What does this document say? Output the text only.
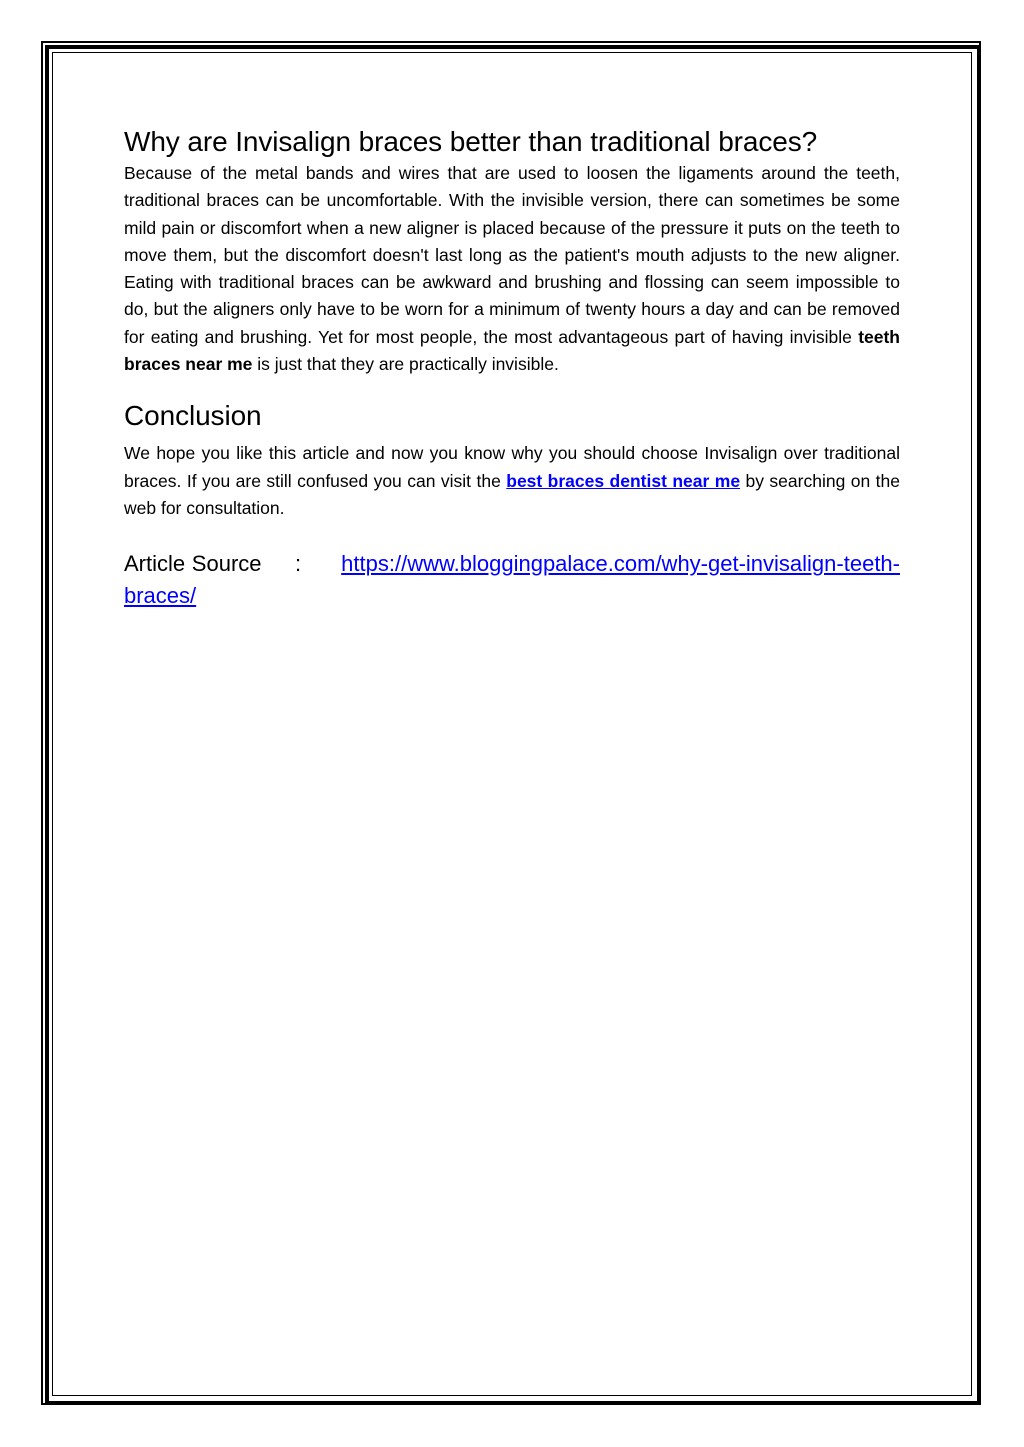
Why are Invisalign braces better than traditional braces?

Because of the metal bands and wires that are used to loosen the ligaments around the teeth, traditional braces can be uncomfortable. With the invisible version, there can sometimes be some mild pain or discomfort when a new aligner is placed because of the pressure it puts on the teeth to move them, but the discomfort doesn't last long as the patient's mouth adjusts to the new aligner. Eating with traditional braces can be awkward and brushing and flossing can seem impossible to do, but the aligners only have to be worn for a minimum of twenty hours a day and can be removed for eating and brushing. Yet for most people, the most advantageous part of having invisible teeth braces near me is just that they are practically invisible.

Conclusion

We hope you like this article and now you know why you should choose Invisalign over traditional braces. If you are still confused you can visit the best braces dentist near me by searching on the web for consultation.

Article Source : https://www.bloggingpalace.com/why-get-invisalign-teeth-braces/
